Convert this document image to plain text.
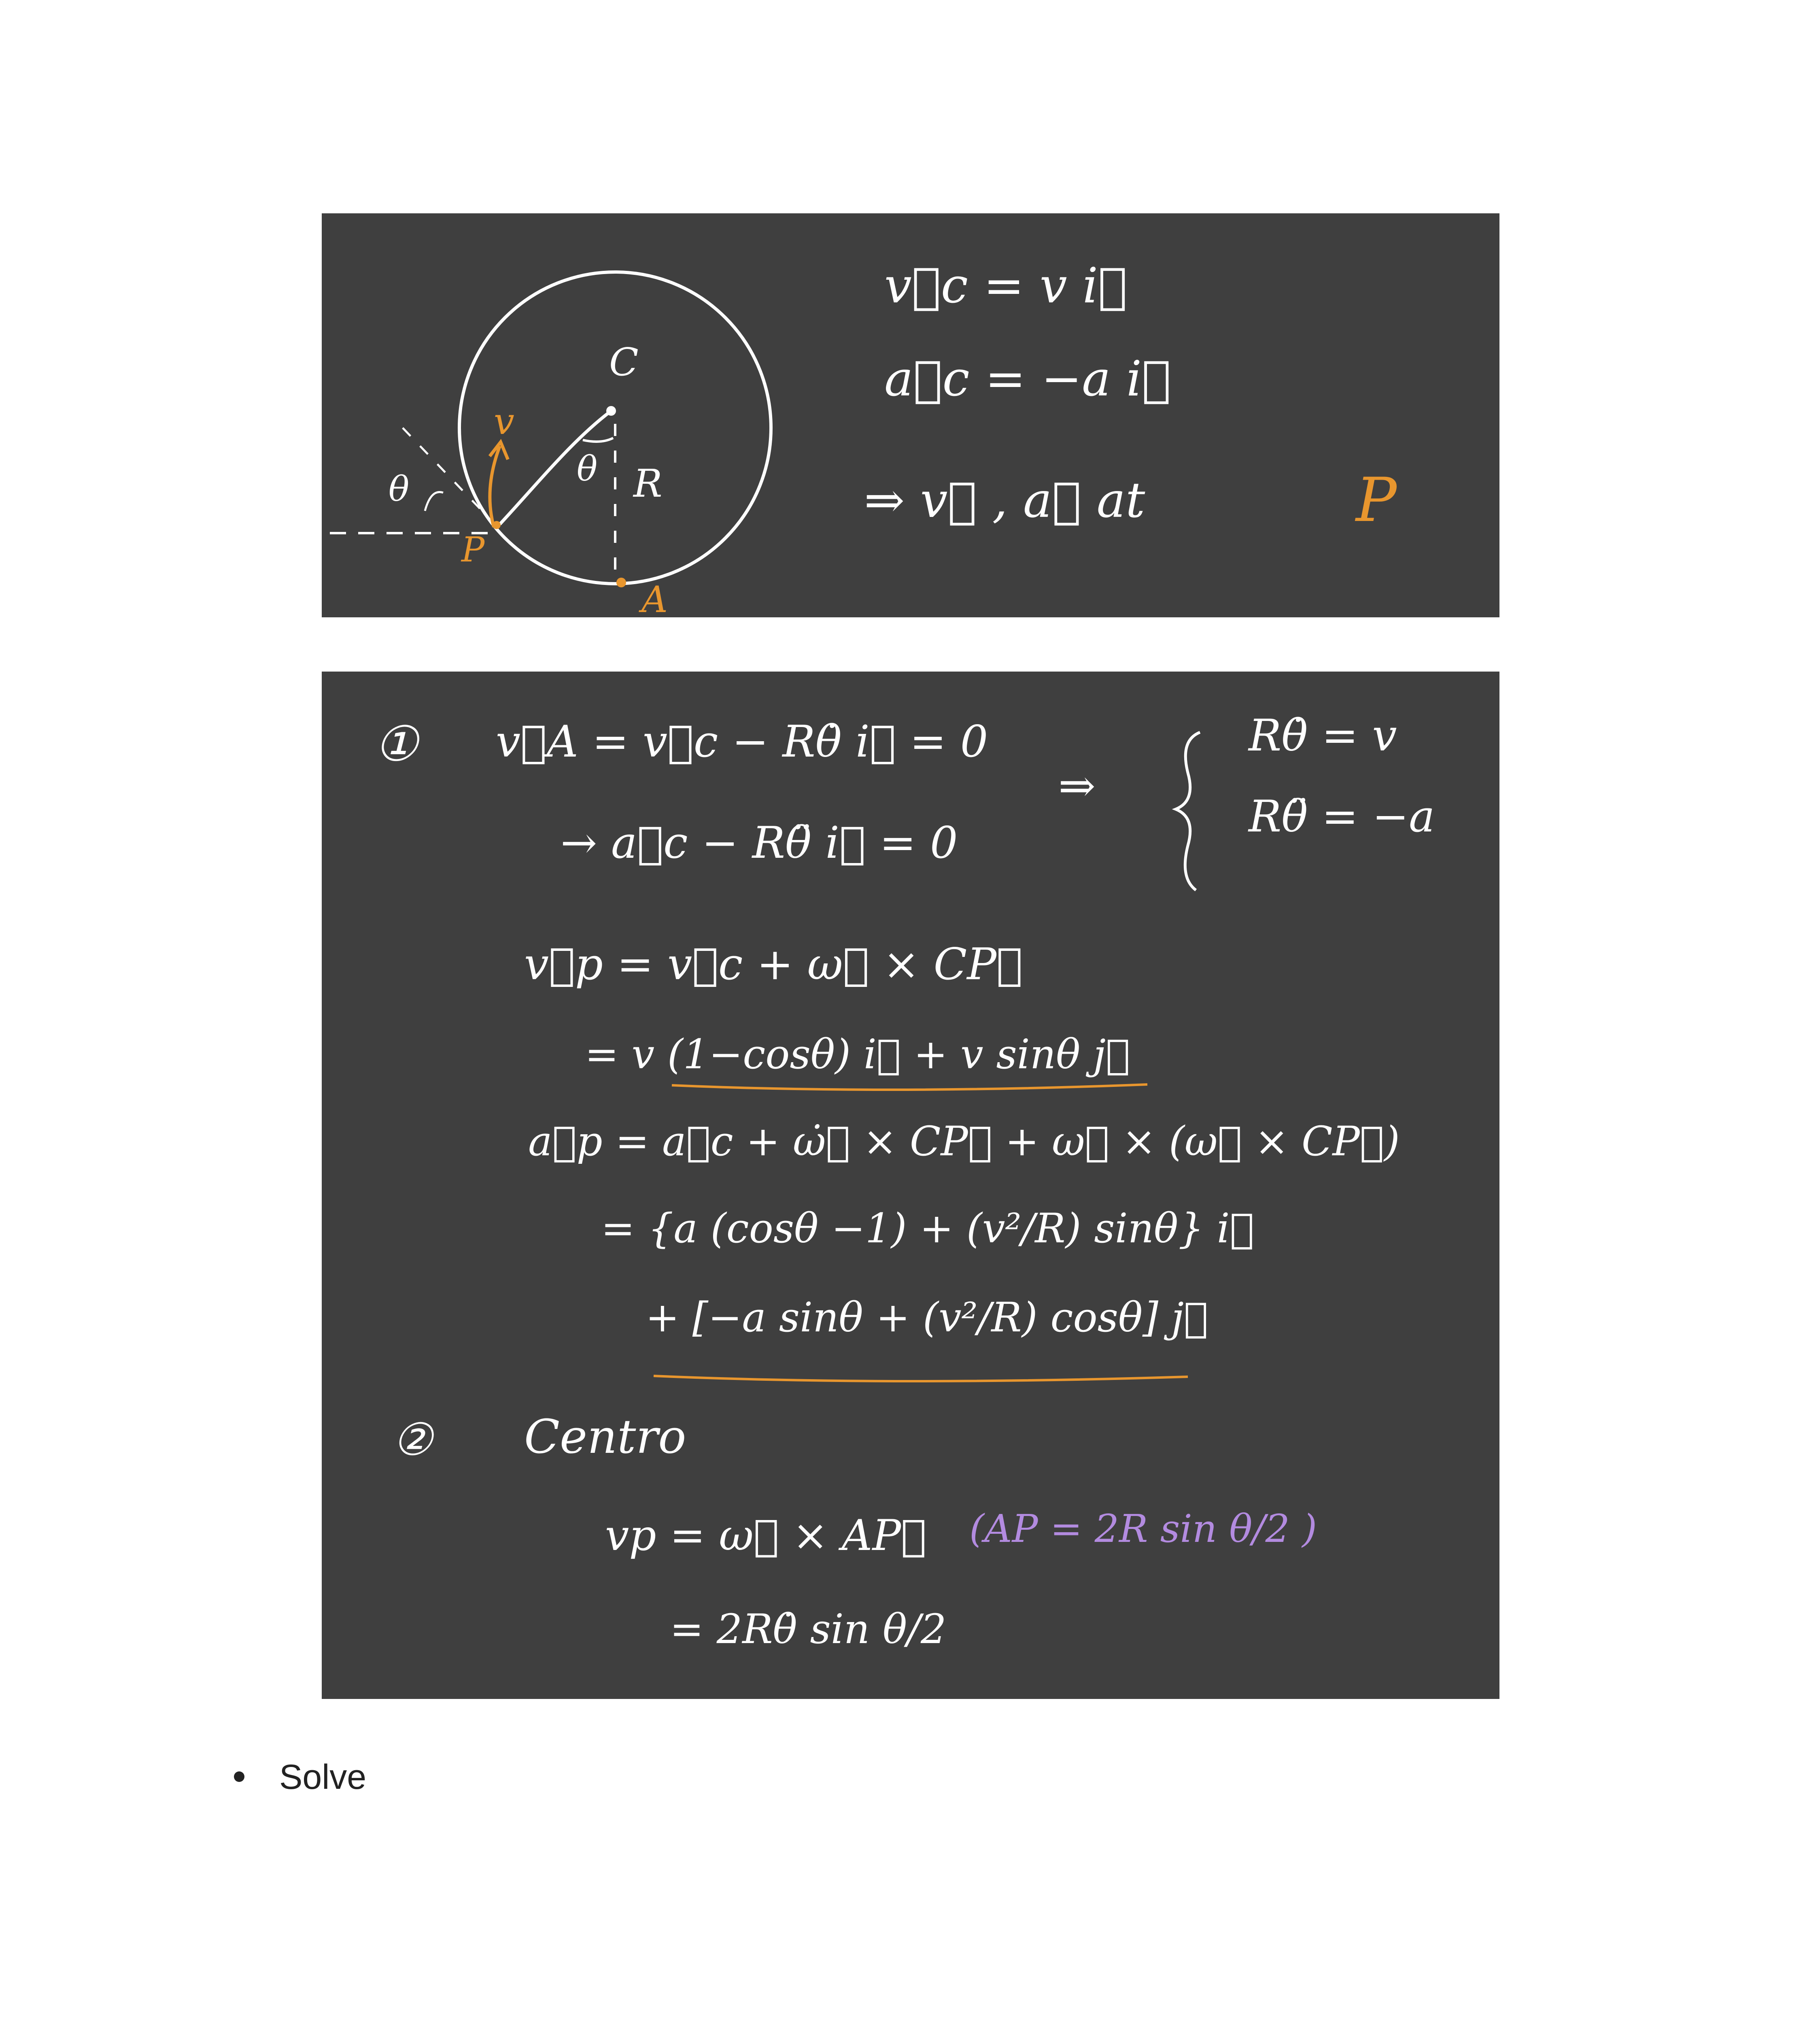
C
R
θ
θ
v
P
A
v⃗c = v i⃗
a⃗c = −a i⃗
⇒ v⃗ , a⃗ at	P
① v⃗A = v⃗c − Rθ̇ i⃗ = 0
→ a⃗c − Rθ̈ i⃗ = 0
⇒
Rθ̇ = v
Rθ̈ = −a
v⃗p = v⃗c + ω⃗ × CP⃗
= v (1−cosθ) i⃗ + v sinθ j⃗
a⃗p = a⃗c + ω̇⃗ × CP⃗ + ω⃗ × (ω⃗ × CP⃗)
= {a (cosθ −1) + (v²/R) sinθ} i⃗
+ [−a sinθ + (v²/R) cosθ] j⃗
② Centro
vp = ω⃗ × AP⃗ (AP = 2R sin θ/2 )
= 2Rθ̇ sin θ/2
Solve
